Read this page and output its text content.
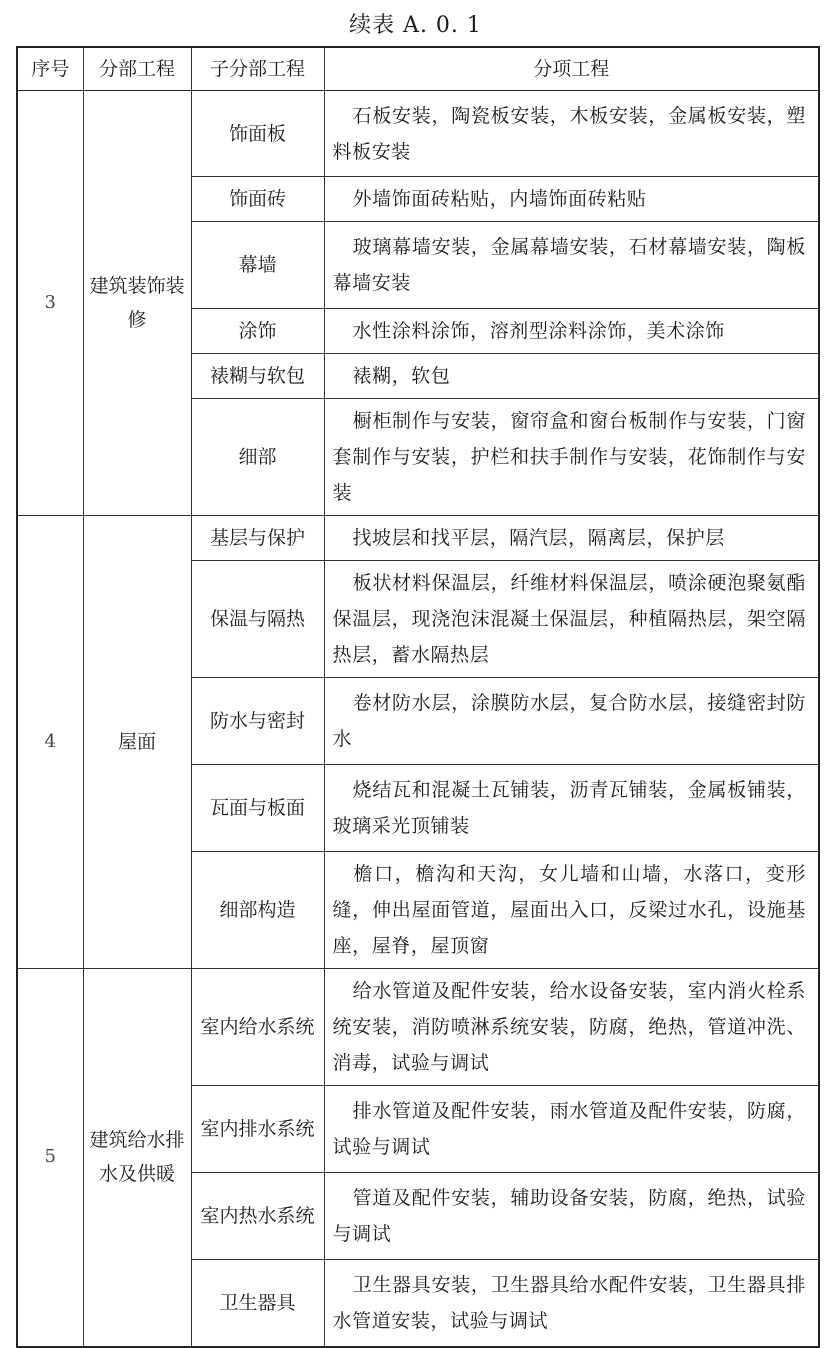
续表 A. 0. 1
序号	分部工程	子分部工程	分项工程
3	建筑装饰装修	饰面板	石板安装，陶瓷板安装，木板安装，金属板安装，塑料板安装
		饰面砖	外墙饰面砖粘贴，内墙饰面砖粘贴
		幕墙	玻璃幕墙安装，金属幕墙安装，石材幕墙安装，陶板幕墙安装
		涂饰	水性涂料涂饰，溶剂型涂料涂饰，美术涂饰
		裱糊与软包	裱糊，软包
		细部	橱柜制作与安装，窗帘盒和窗台板制作与安装，门窗套制作与安装，护栏和扶手制作与安装，花饰制作与安装
4	屋面	基层与保护	找坡层和找平层，隔汽层，隔离层，保护层
		保温与隔热	板状材料保温层，纤维材料保温层，喷涂硬泡聚氨酯保温层，现浇泡沫混凝土保温层，种植隔热层，架空隔热层，蓄水隔热层
		防水与密封	卷材防水层，涂膜防水层，复合防水层，接缝密封防水
		瓦面与板面	烧结瓦和混凝土瓦铺装，沥青瓦铺装，金属板铺装，玻璃采光顶铺装
		细部构造	檐口，檐沟和天沟，女儿墙和山墙，水落口，变形缝，伸出屋面管道，屋面出入口，反梁过水孔，设施基座，屋脊，屋顶窗
5	建筑给水排水及供暖	室内给水系统	给水管道及配件安装，给水设备安装，室内消火栓系统安装，消防喷淋系统安装，防腐，绝热，管道冲洗、消毒，试验与调试
		室内排水系统	排水管道及配件安装，雨水管道及配件安装，防腐，试验与调试
		室内热水系统	管道及配件安装，辅助设备安装，防腐，绝热，试验与调试
		卫生器具	卫生器具安装，卫生器具给水配件安装，卫生器具排水管道安装，试验与调试
